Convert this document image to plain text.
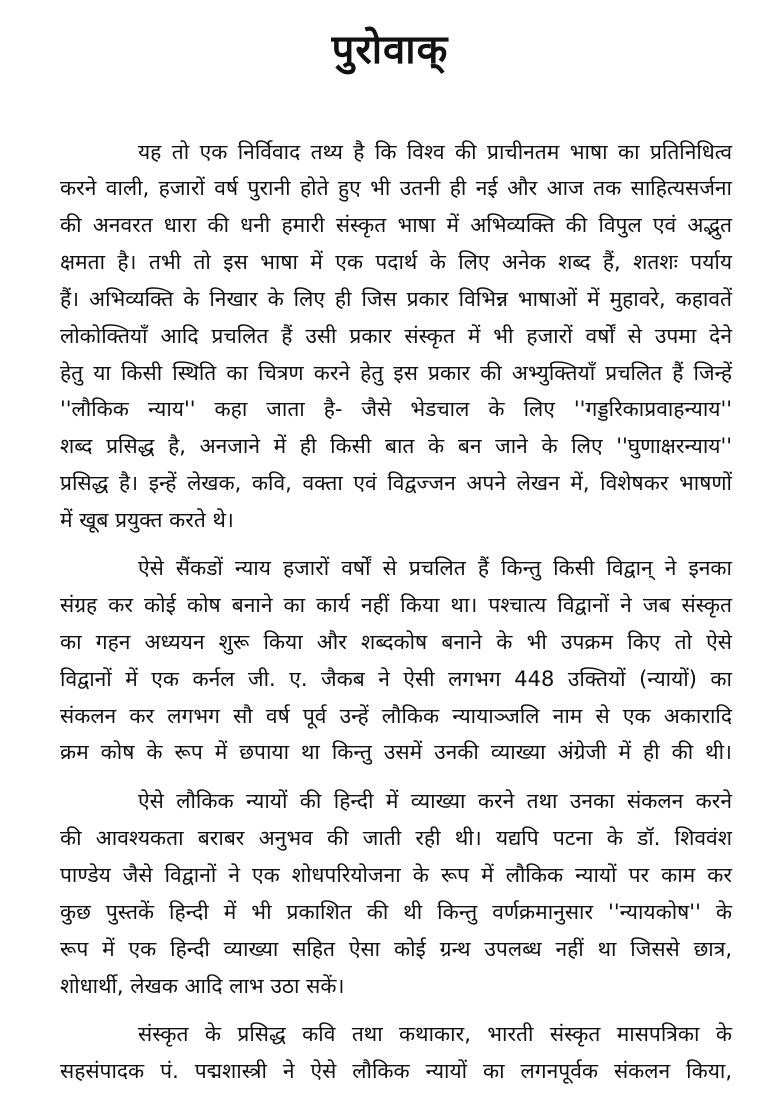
पुरोवाक्
यह तो एक निर्विवाद तथ्य है कि विश्व की प्राचीनतम भाषा का प्रतिनिधित्व
करने वाली, हजारों वर्ष पुरानी होते हुए भी उतनी ही नई और आज तक साहित्यसर्जना
की अनवरत धारा की धनी हमारी संस्कृत भाषा में अभिव्यक्ति की विपुल एवं अद्भुत
क्षमता है। तभी तो इस भाषा में एक पदार्थ के लिए अनेक शब्द हैं, शतशः पर्याय
हैं। अभिव्यक्ति के निखार के लिए ही जिस प्रकार विभिन्न भाषाओं में मुहावरे, कहावतें
लोकोक्तियाँ आदि प्रचलित हैं उसी प्रकार संस्कृत में भी हजारों वर्षों से उपमा देने
हेतु या किसी स्थिति का चित्रण करने हेतु इस प्रकार की अभ्युक्तियाँ प्रचलित हैं जिन्हें
''लौकिक न्याय'' कहा जाता है- जैसे भेडचाल के लिए ''गड्डरिकाप्रवाहन्याय''
शब्द प्रसिद्ध है, अनजाने में ही किसी बात के बन जाने के लिए ''घुणाक्षरन्याय''
प्रसिद्ध है। इन्हें लेखक, कवि, वक्ता एवं विद्वज्जन अपने लेखन में, विशेषकर भाषणों
में खूब प्रयुक्त करते थे।
ऐसे सैंकडों न्याय हजारों वर्षों से प्रचलित हैं किन्तु किसी विद्वान् ने इनका
संग्रह कर कोई कोष बनाने का कार्य नहीं किया था। पश्चात्य विद्वानों ने जब संस्कृत
का गहन अध्ययन शुरू किया और शब्दकोष बनाने के भी उपक्रम किए तो ऐसे
विद्वानों में एक कर्नल जी. ए. जैकब ने ऐसी लगभग 448 उक्तियों (न्यायों) का
संकलन कर लगभग सौ वर्ष पूर्व उन्हें लौकिक न्यायाञ्जलि नाम से एक अकारादि
क्रम कोष के रूप में छपाया था किन्तु उसमें उनकी व्याख्या अंग्रेजी में ही की थी।
ऐसे लौकिक न्यायों की हिन्दी में व्याख्या करने तथा उनका संकलन करने
की आवश्यकता बराबर अनुभव की जाती रही थी। यद्यपि पटना के डॉ. शिववंश
पाण्डेय जैसे विद्वानों ने एक शोधपरियोजना के रूप में लौकिक न्यायों पर काम कर
कुछ पुस्तकें हिन्दी में भी प्रकाशित की थी किन्तु वर्णक्रमानुसार ''न्यायकोष'' के
रूप में एक हिन्दी व्याख्या सहित ऐसा कोई ग्रन्थ उपलब्ध नहीं था जिससे छात्र,
शोधार्थी, लेखक आदि लाभ उठा सकें।
संस्कृत के प्रसिद्ध कवि तथा कथाकार, भारती संस्कृत मासपत्रिका के
सहसंपादक पं. पद्मशास्त्री ने ऐसे लौकिक न्यायों का लगनपूर्वक संकलन किया,
